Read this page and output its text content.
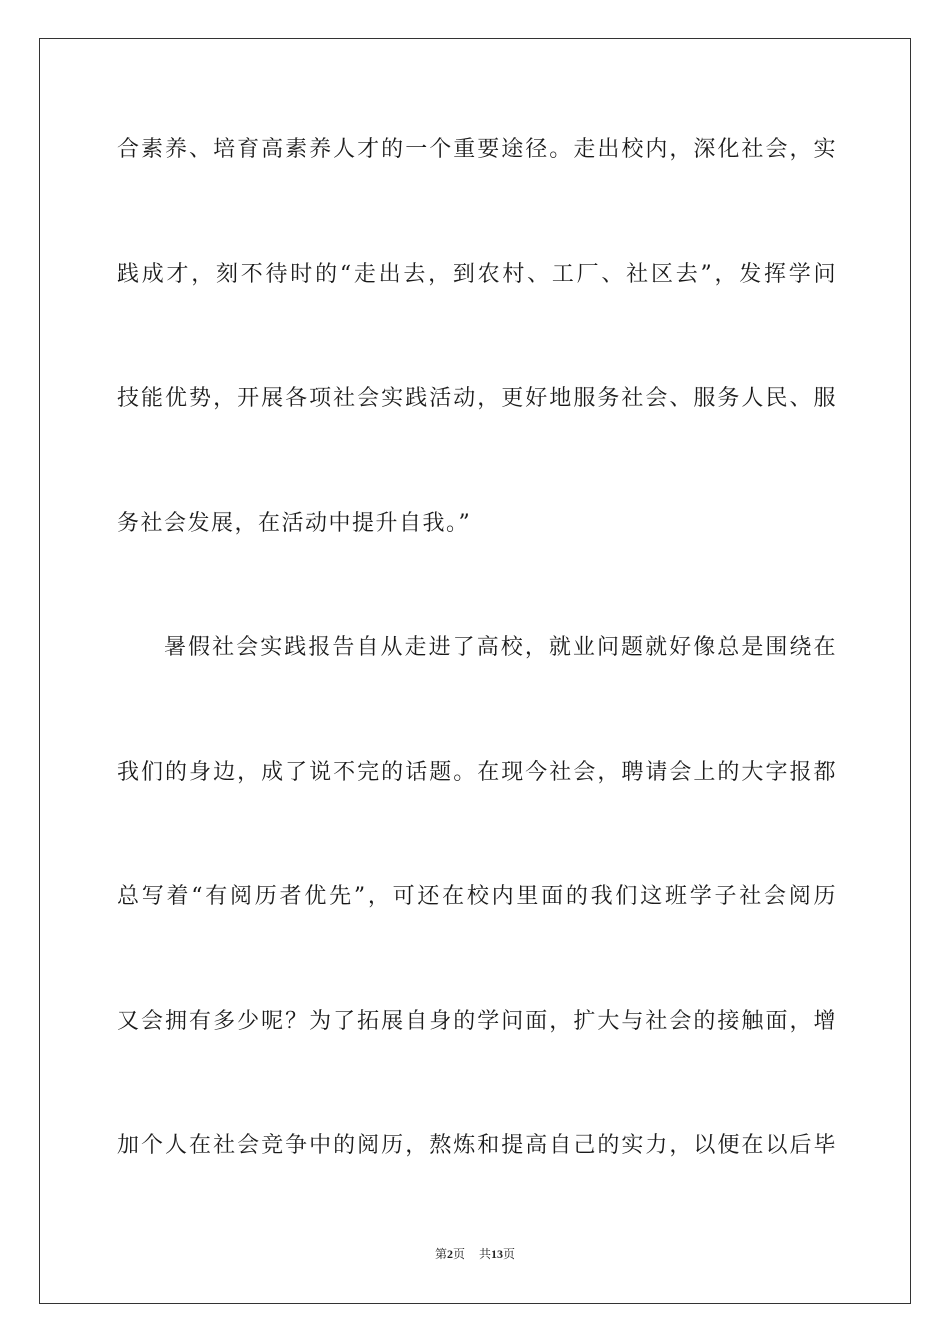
合素养、培育高素养人才的一个重要途径。走出校内，深化社会，实
践成才，刻不待时的“走出去，到农村、工厂、社区去”，发挥学问
技能优势，开展各项社会实践活动，更好地服务社会、服务人民、服
务社会发展，在活动中提升自我。”
暑假社会实践报告自从走进了高校，就业问题就好像总是围绕在
我们的身边，成了说不完的话题。在现今社会，聘请会上的大字报都
总写着“有阅历者优先”，可还在校内里面的我们这班学子社会阅历
又会拥有多少呢？为了拓展自身的学问面，扩大与社会的接触面，增
加个人在社会竞争中的阅历，熬炼和提高自己的实力，以便在以后毕
第2页 共13页
